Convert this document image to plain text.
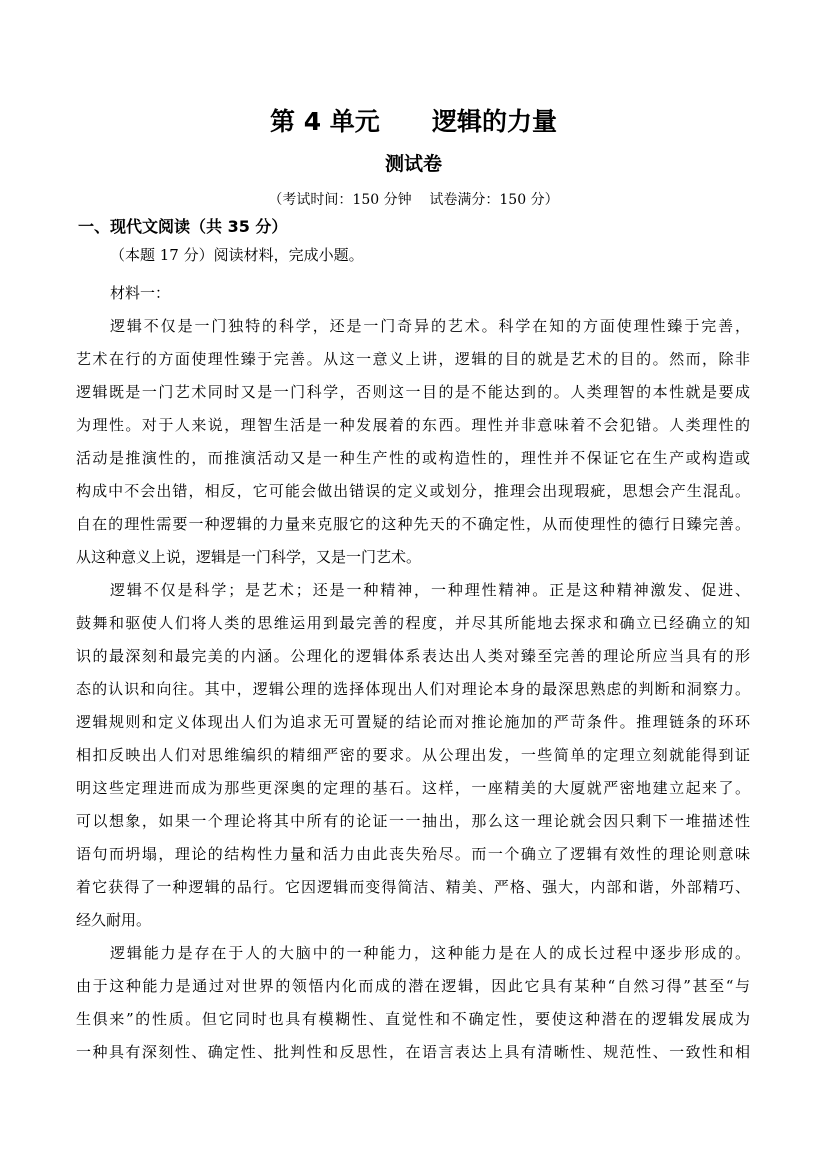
第 4 单元      逻辑的力量
测试卷
（考试时间：150 分钟    试卷满分：150 分）
一、现代文阅读（共 35 分）
（本题 17 分）阅读材料，完成小题。
材料一：
逻辑不仅是一门独特的科学，还是一门奇异的艺术。科学在知的方面使理性臻于完善，
艺术在行的方面使理性臻于完善。从这一意义上讲，逻辑的目的就是艺术的目的。然而，除非
逻辑既是一门艺术同时又是一门科学，否则这一目的是不能达到的。人类理智的本性就是要成
为理性。对于人来说，理智生活是一种发展着的东西。理性并非意味着不会犯错。人类理性的
活动是推演性的，而推演活动又是一种生产性的或构造性的，理性并不保证它在生产或构造或
构成中不会出错，相反，它可能会做出错误的定义或划分，推理会出现瑕疵，思想会产生混乱。
自在的理性需要一种逻辑的力量来克服它的这种先天的不确定性，从而使理性的德行日臻完善。
从这种意义上说，逻辑是一门科学，又是一门艺术。
逻辑不仅是科学；是艺术；还是一种精神，一种理性精神。正是这种精神激发、促进、
鼓舞和驱使人们将人类的思维运用到最完善的程度，并尽其所能地去探求和确立已经确立的知
识的最深刻和最完美的内涵。公理化的逻辑体系表达出人类对臻至完善的理论所应当具有的形
态的认识和向往。其中，逻辑公理的选择体现出人们对理论本身的最深思熟虑的判断和洞察力。
逻辑规则和定义体现出人们为追求无可置疑的结论而对推论施加的严苛条件。推理链条的环环
相扣反映出人们对思维编织的精细严密的要求。从公理出发，一些简单的定理立刻就能得到证
明这些定理进而成为那些更深奥的定理的基石。这样，一座精美的大厦就严密地建立起来了。
可以想象，如果一个理论将其中所有的论证一一抽出，那么这一理论就会因只剩下一堆描述性
语句而坍塌，理论的结构性力量和活力由此丧失殆尽。而一个确立了逻辑有效性的理论则意味
着它获得了一种逻辑的品行。它因逻辑而变得简洁、精美、严格、强大，内部和谐，外部精巧、
经久耐用。
逻辑能力是存在于人的大脑中的一种能力，这种能力是在人的成长过程中逐步形成的。
由于这种能力是通过对世界的领悟内化而成的潜在逻辑，因此它具有某种“自然习得”甚至“与
生俱来”的性质。但它同时也具有模糊性、直觉性和不确定性，要使这种潜在的逻辑发展成为
一种具有深刻性、确定性、批判性和反思性，在语言表达上具有清晰性、规范性、一致性和相
